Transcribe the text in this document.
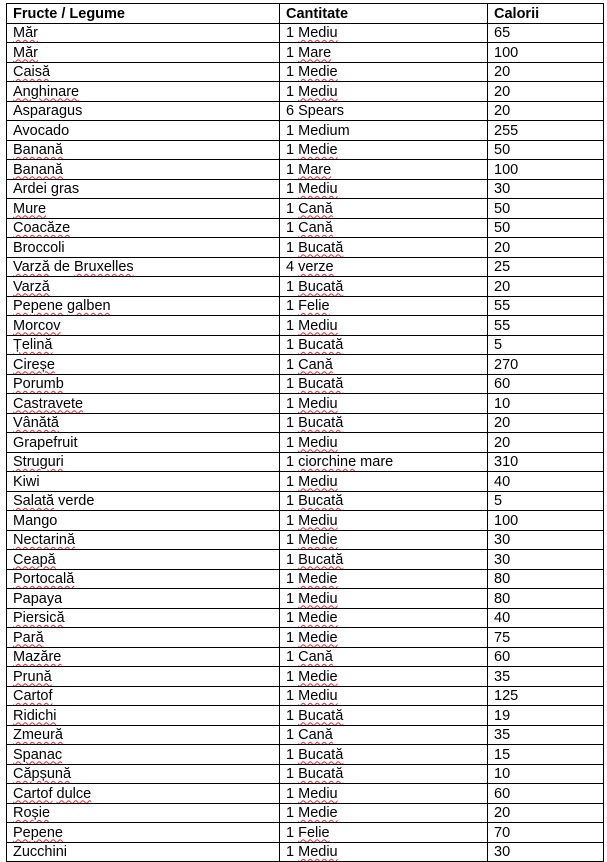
Fructe / Legume	Cantitate	Calorii
Măr	1 Mediu	65
Măr	1 Mare	100
Caisă	1 Medie	20
Anghinare	1 Mediu	20
Asparagus	6 Spears	20
Avocado	1 Medium	255
Banană	1 Medie	50
Banană	1 Mare	100
Ardei gras	1 Mediu	30
Mure	1 Cană	50
Coacăze	1 Cană	50
Broccoli	1 Bucată	20
Varză de Bruxelles	4 verze	25
Varză	1 Bucată	20
Pepene galben	1 Felie	55
Morcov	1 Mediu	55
Țelină	1 Bucată	5
Cireșe	1 Cană	270
Porumb	1 Bucată	60
Castravete	1 Mediu	10
Vânătă	1 Bucată	20
Grapefruit	1 Mediu	20
Struguri	1 ciorchine mare	310
Kiwi	1 Mediu	40
Salată verde	1 Bucată	5
Mango	1 Mediu	100
Nectarină	1 Medie	30
Ceapă	1 Bucată	30
Portocală	1 Medie	80
Papaya	1 Mediu	80
Piersică	1 Medie	40
Pară	1 Medie	75
Mazăre	1 Cană	60
Prună	1 Medie	35
Cartof	1 Mediu	125
Ridichi	1 Bucată	19
Zmeură	1 Cană	35
Spanac	1 Bucată	15
Căpșună	1 Bucată	10
Cartof dulce	1 Mediu	60
Roșie	1 Medie	20
Pepene	1 Felie	70
Zucchini	1 Mediu	30
